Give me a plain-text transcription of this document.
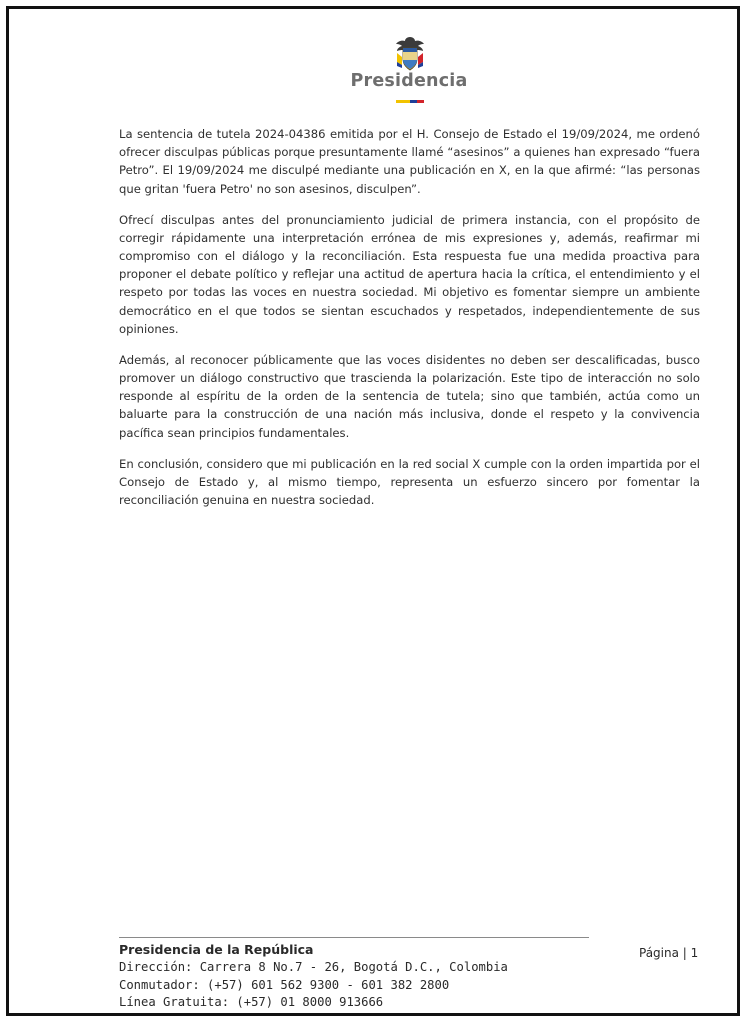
Presidencia

La sentencia de tutela 2024-04386 emitida por el H. Consejo de Estado el 19/09/2024, me ordenó ofrecer disculpas públicas porque presuntamente llamé “asesinos” a quienes han expresado “fuera Petro”. El 19/09/2024 me disculpé mediante una publicación en X, en la que afirmé: “las personas que gritan 'fuera Petro' no son asesinos, disculpen”.

Ofrecí disculpas antes del pronunciamiento judicial de primera instancia, con el propósito de corregir rápidamente una interpretación errónea de mis expresiones y, además, reafirmar mi compromiso con el diálogo y la reconciliación. Esta respuesta fue una medida proactiva para proponer el debate político y reflejar una actitud de apertura hacia la crítica, el entendimiento y el respeto por todas las voces en nuestra sociedad. Mi objetivo es fomentar siempre un ambiente democrático en el que todos se sientan escuchados y respetados, independientemente de sus opiniones.

Además, al reconocer públicamente que las voces disidentes no deben ser descalificadas, busco promover un diálogo constructivo que trascienda la polarización. Este tipo de interacción no solo responde al espíritu de la orden de la sentencia de tutela; sino que también, actúa como un baluarte para la construcción de una nación más inclusiva, donde el respeto y la convivencia pacífica sean principios fundamentales.

En conclusión, considero que mi publicación en la red social X cumple con la orden impartida por el Consejo de Estado y, al mismo tiempo, representa un esfuerzo sincero por fomentar la reconciliación genuina en nuestra sociedad.

Presidencia de la República
Dirección: Carrera 8 No.7 - 26, Bogotá D.C., Colombia
Conmutador: (+57) 601 562 9300 - 601 382 2800
Línea Gratuita: (+57) 01 8000 913666
Página | 1
